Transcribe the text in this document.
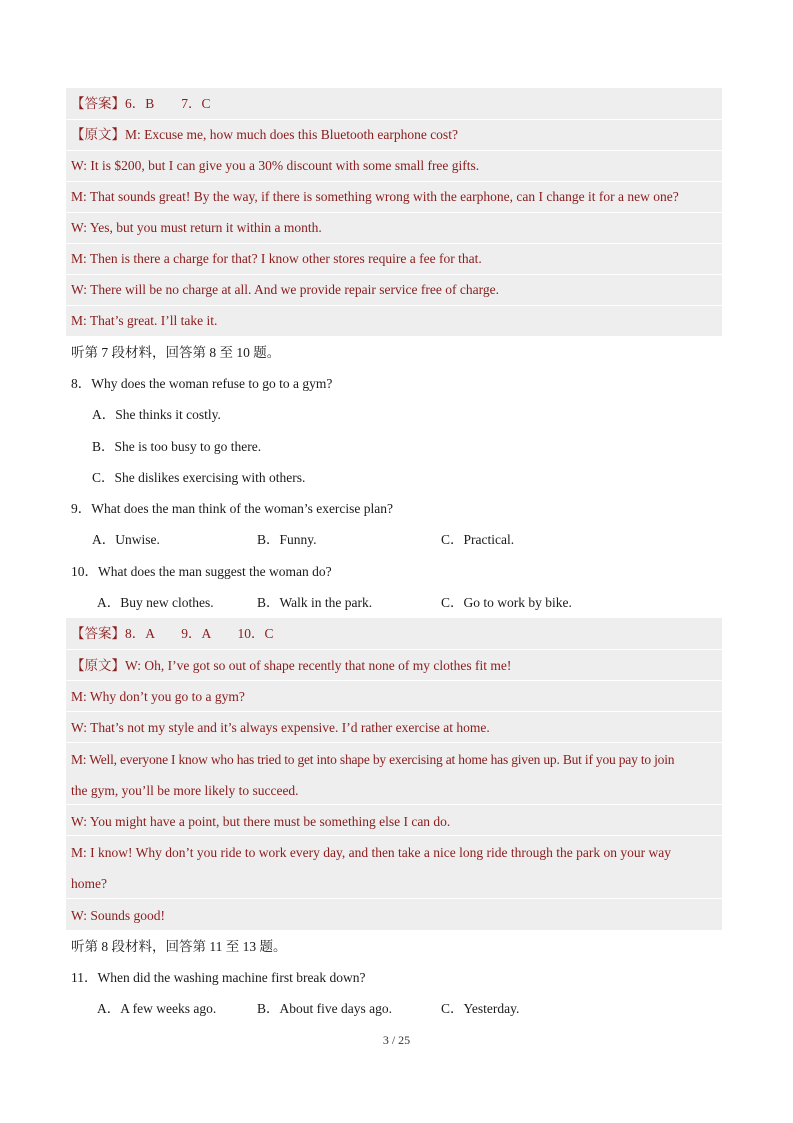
【答案】6．B　　7．C
【原文】M: Excuse me, how much does this Bluetooth earphone cost?
W: It is $200, but I can give you a 30% discount with some small free gifts.
M: That sounds great! By the way, if there is something wrong with the earphone, can I change it for a new one?
W: Yes, but you must return it within a month.
M: Then is there a charge for that? I know other stores require a fee for that.
W: There will be no charge at all. And we provide repair service free of charge.
M: That’s great. I’ll take it.
听第 7 段材料，回答第 8 至 10 题。
8．Why does the woman refuse to go to a gym?
A．She thinks it costly.
B．She is too busy to go there.
C．She dislikes exercising with others.
9．What does the man think of the woman’s exercise plan?
A．Unwise.	B．Funny.	C．Practical.
10．What does the man suggest the woman do?
A．Buy new clothes.	B．Walk in the park.	C．Go to work by bike.
【答案】8．A　　9．A　　10．C
【原文】W: Oh, I’ve got so out of shape recently that none of my clothes fit me!
M: Why don’t you go to a gym?
W: That’s not my style and it’s always expensive. I’d rather exercise at home.
M: Well, everyone I know who has tried to get into shape by exercising at home has given up. But if you pay to join
the gym, you’ll be more likely to succeed.
W: You might have a point, but there must be something else I can do.
M: I know! Why don’t you ride to work every day, and then take a nice long ride through the park on your way
home?
W: Sounds good!
听第 8 段材料，回答第 11 至 13 题。
11．When did the washing machine first break down?
A．A few weeks ago.	B．About five days ago.	C．Yesterday.
3 / 25
